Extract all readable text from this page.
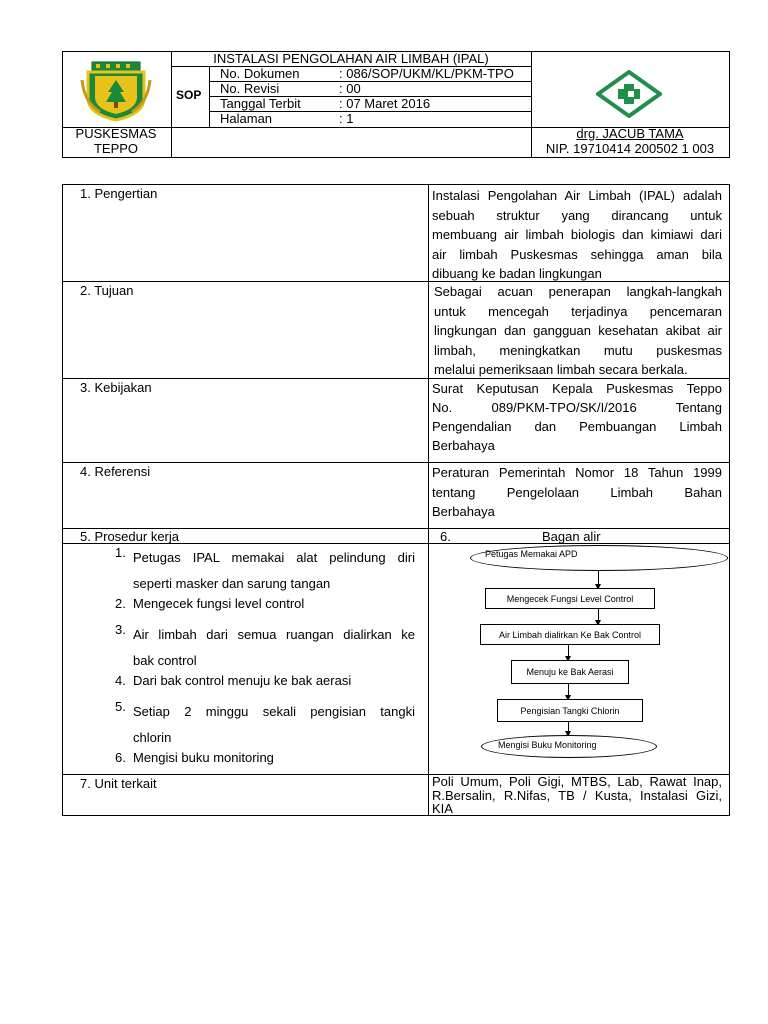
INSTALASI PENGOLAHAN AIR LIMBAH (IPAL)
SOP
No. Dokumen	: 086/SOP/UKM/KL/PKM-TPO
No. Revisi	: 00
Tanggal Terbit	: 07 Maret 2016
Halaman	: 1
PUSKESMAS
TEPPO
drg. JACUB TAMA
NIP. 19710414 200502 1 003
1. Pengertian	Instalasi Pengolahan Air Limbah (IPAL) adalah
sebuah struktur yang dirancang untuk
membuang air limbah biologis dan kimiawi dari
air limbah Puskesmas sehingga aman bila
dibuang ke badan lingkungan
2. Tujuan	Sebagai acuan penerapan langkah-langkah
untuk mencegah terjadinya pencemaran
lingkungan dan gangguan kesehatan akibat air
limbah, meningkatkan mutu puskesmas
melalui pemeriksaan limbah secara berkala.
3. Kebijakan	Surat Keputusan Kepala Puskesmas Teppo
No. 089/PKM-TPO/SK/I/2016 Tentang
Pengendalian dan Pembuangan Limbah
Berbahaya
4. Referensi	Peraturan Pemerintah Nomor 18 Tahun 1999
tentang Pengelolaan Limbah Bahan
Berbahaya
5. Prosedur kerja	6.	Bagan alir
1. Petugas IPAL memakai alat pelindung diri
seperti masker dan sarung tangan
2. Mengecek fungsi level control
3. Air limbah dari semua ruangan dialirkan ke
bak control
4. Dari bak control menuju ke bak aerasi
5. Setiap 2 minggu sekali pengisian tangki
chlorin
6. Mengisi buku monitoring
Petugas Memakai APD
Mengecek Fungsi Level Control
Air Limbah dialirkan Ke Bak Control
Menuju ke Bak Aerasi
Pengisian Tangki Chlorin
Mengisi Buku Monitoring
7. Unit terkait	Poli Umum, Poli Gigi, MTBS, Lab, Rawat Inap,
R.Bersalin, R.Nifas, TB / Kusta, Instalasi Gizi,
KIA
